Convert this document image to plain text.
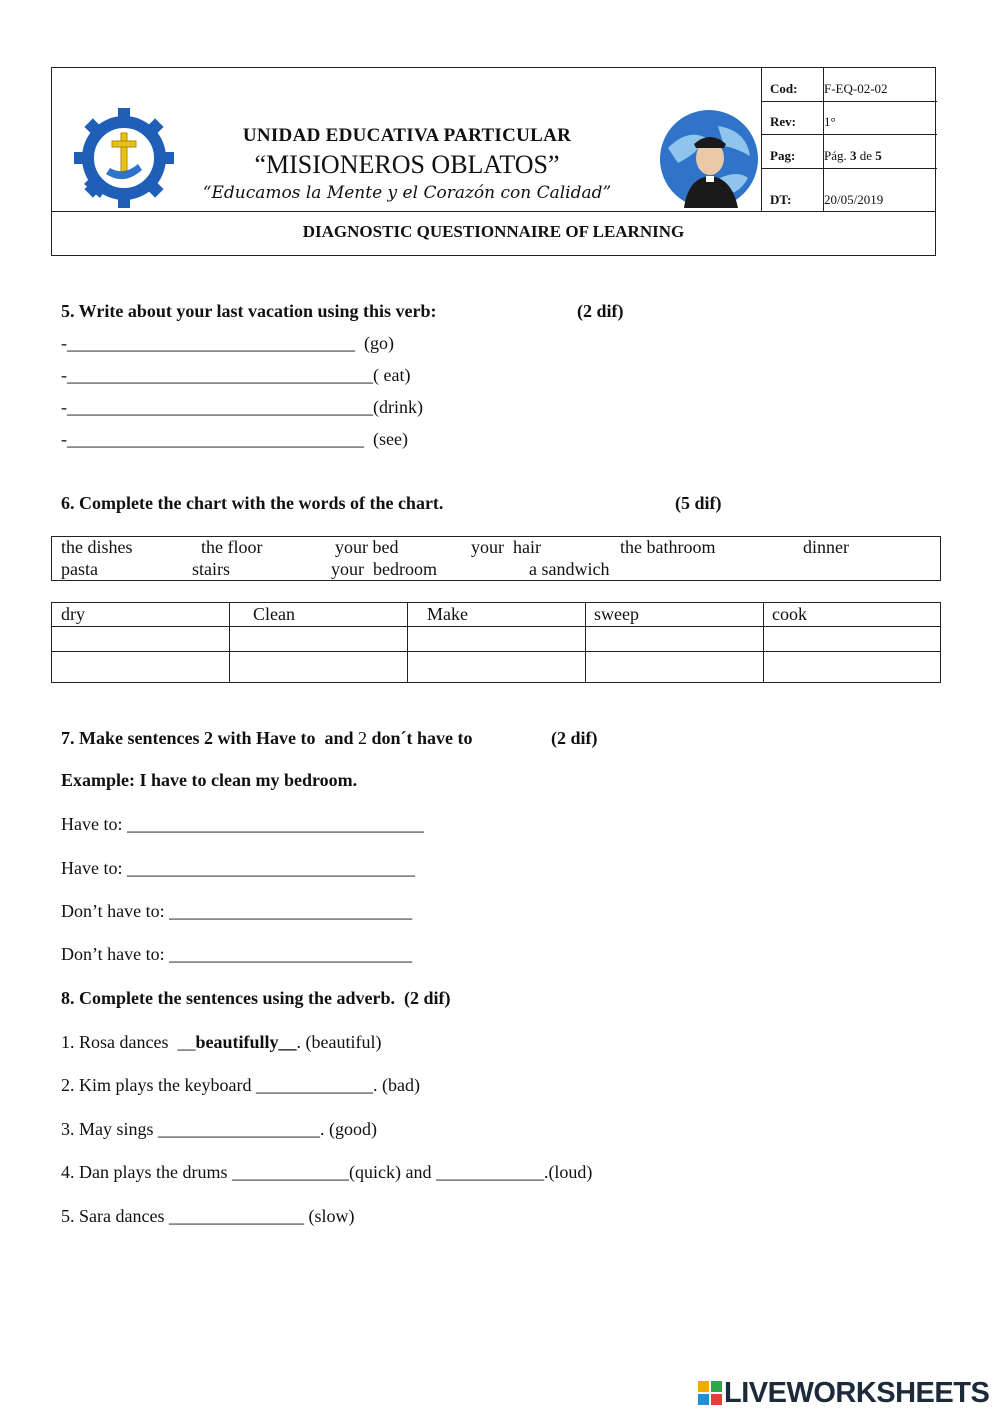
Cod: F-EQ-02-02
Rev: 1°
Pag: Pág. 3 de 5
DT:	20/05/2019
UNIDAD EDUCATIVA PARTICULAR
“MISIONEROS OBLATOS”
“Educamos la Mente y el Corazón con Calidad”
DIAGNOSTIC QUESTIONNAIRE OF LEARNING
5. Write about your last vacation using this verb:	(2 dif)
-________________________________  (go)
-__________________________________( eat)
-__________________________________(drink)
-_________________________________  (see)
6. Complete the chart with the words of the chart.	(5 dif)
the dishes	the floor	your bed	your  hair	the bathroom	dinner
pasta	stairs	your  bedroom	a sandwich
dry	Clean	Make	sweep	cook
7. Make sentences 2 with Have to  and 2 don´t have to	(2 dif)
Example: I have to clean my bedroom.
Have to: _________________________________
Have to: ________________________________
Don’t have to: ___________________________
Don’t have to: ___________________________
8. Complete the sentences using the adverb.  (2 dif)
1. Rosa dances  __beautifully__. (beautiful)
2. Kim plays the keyboard _____________. (bad)
3. May sings __________________. (good)
4. Dan plays the drums _____________(quick) and ____________.(loud)
5. Sara dances _______________ (slow)
LIVEWORKSHEETS
